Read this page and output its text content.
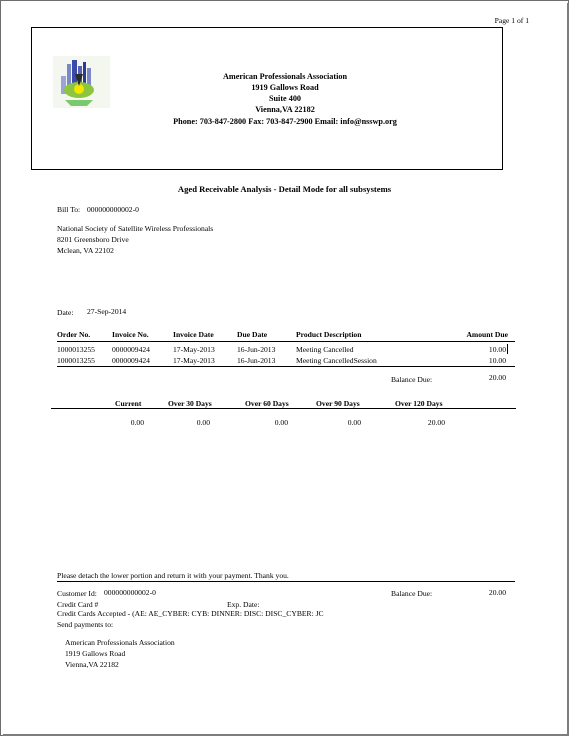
Page 1 of 1
American Professionals Association
1919 Gallows Road
Suite 400
Vienna,VA 22182
Phone: 703-847-2800 Fax: 703-847-2900 Email: info@nsswp.org
Aged Receivable Analysis - Detail Mode for all subsystems
Bill To: 000000000002-0
National Society of Satellite Wireless Professionals
8201 Greensboro Drive
Mclean, VA 22102
Date: 27-Sep-2014
Order No.	Invoice No.	Invoice Date	Due Date	Product Description	Amount Due
1000013255 0000009424	17-May-2013	16-Jun-2013	Meeting Cancelled	10.00
1000013255 0000009424	17-May-2013	16-Jun-2013	Meeting CancelledSession	10.00
Balance Due:	20.00
Current	Over 30 Days	Over 60 Days	Over 90 Days	Over 120 Days
0.00	0.00	0.00	0.00	20.00
Please detach the lower portion and return it with your payment. Thank you.
Customer Id: 000000000002-0	Balance Due:	20.00
Credit Card #	Exp. Date:
Credit Cards Accepted - (AE: AE_CYBER: CYB: DINNER: DISC: DISC_CYBER: JC
Send payments to:
American Professionals Association
1919 Gallows Road
Vienna,VA 22182
